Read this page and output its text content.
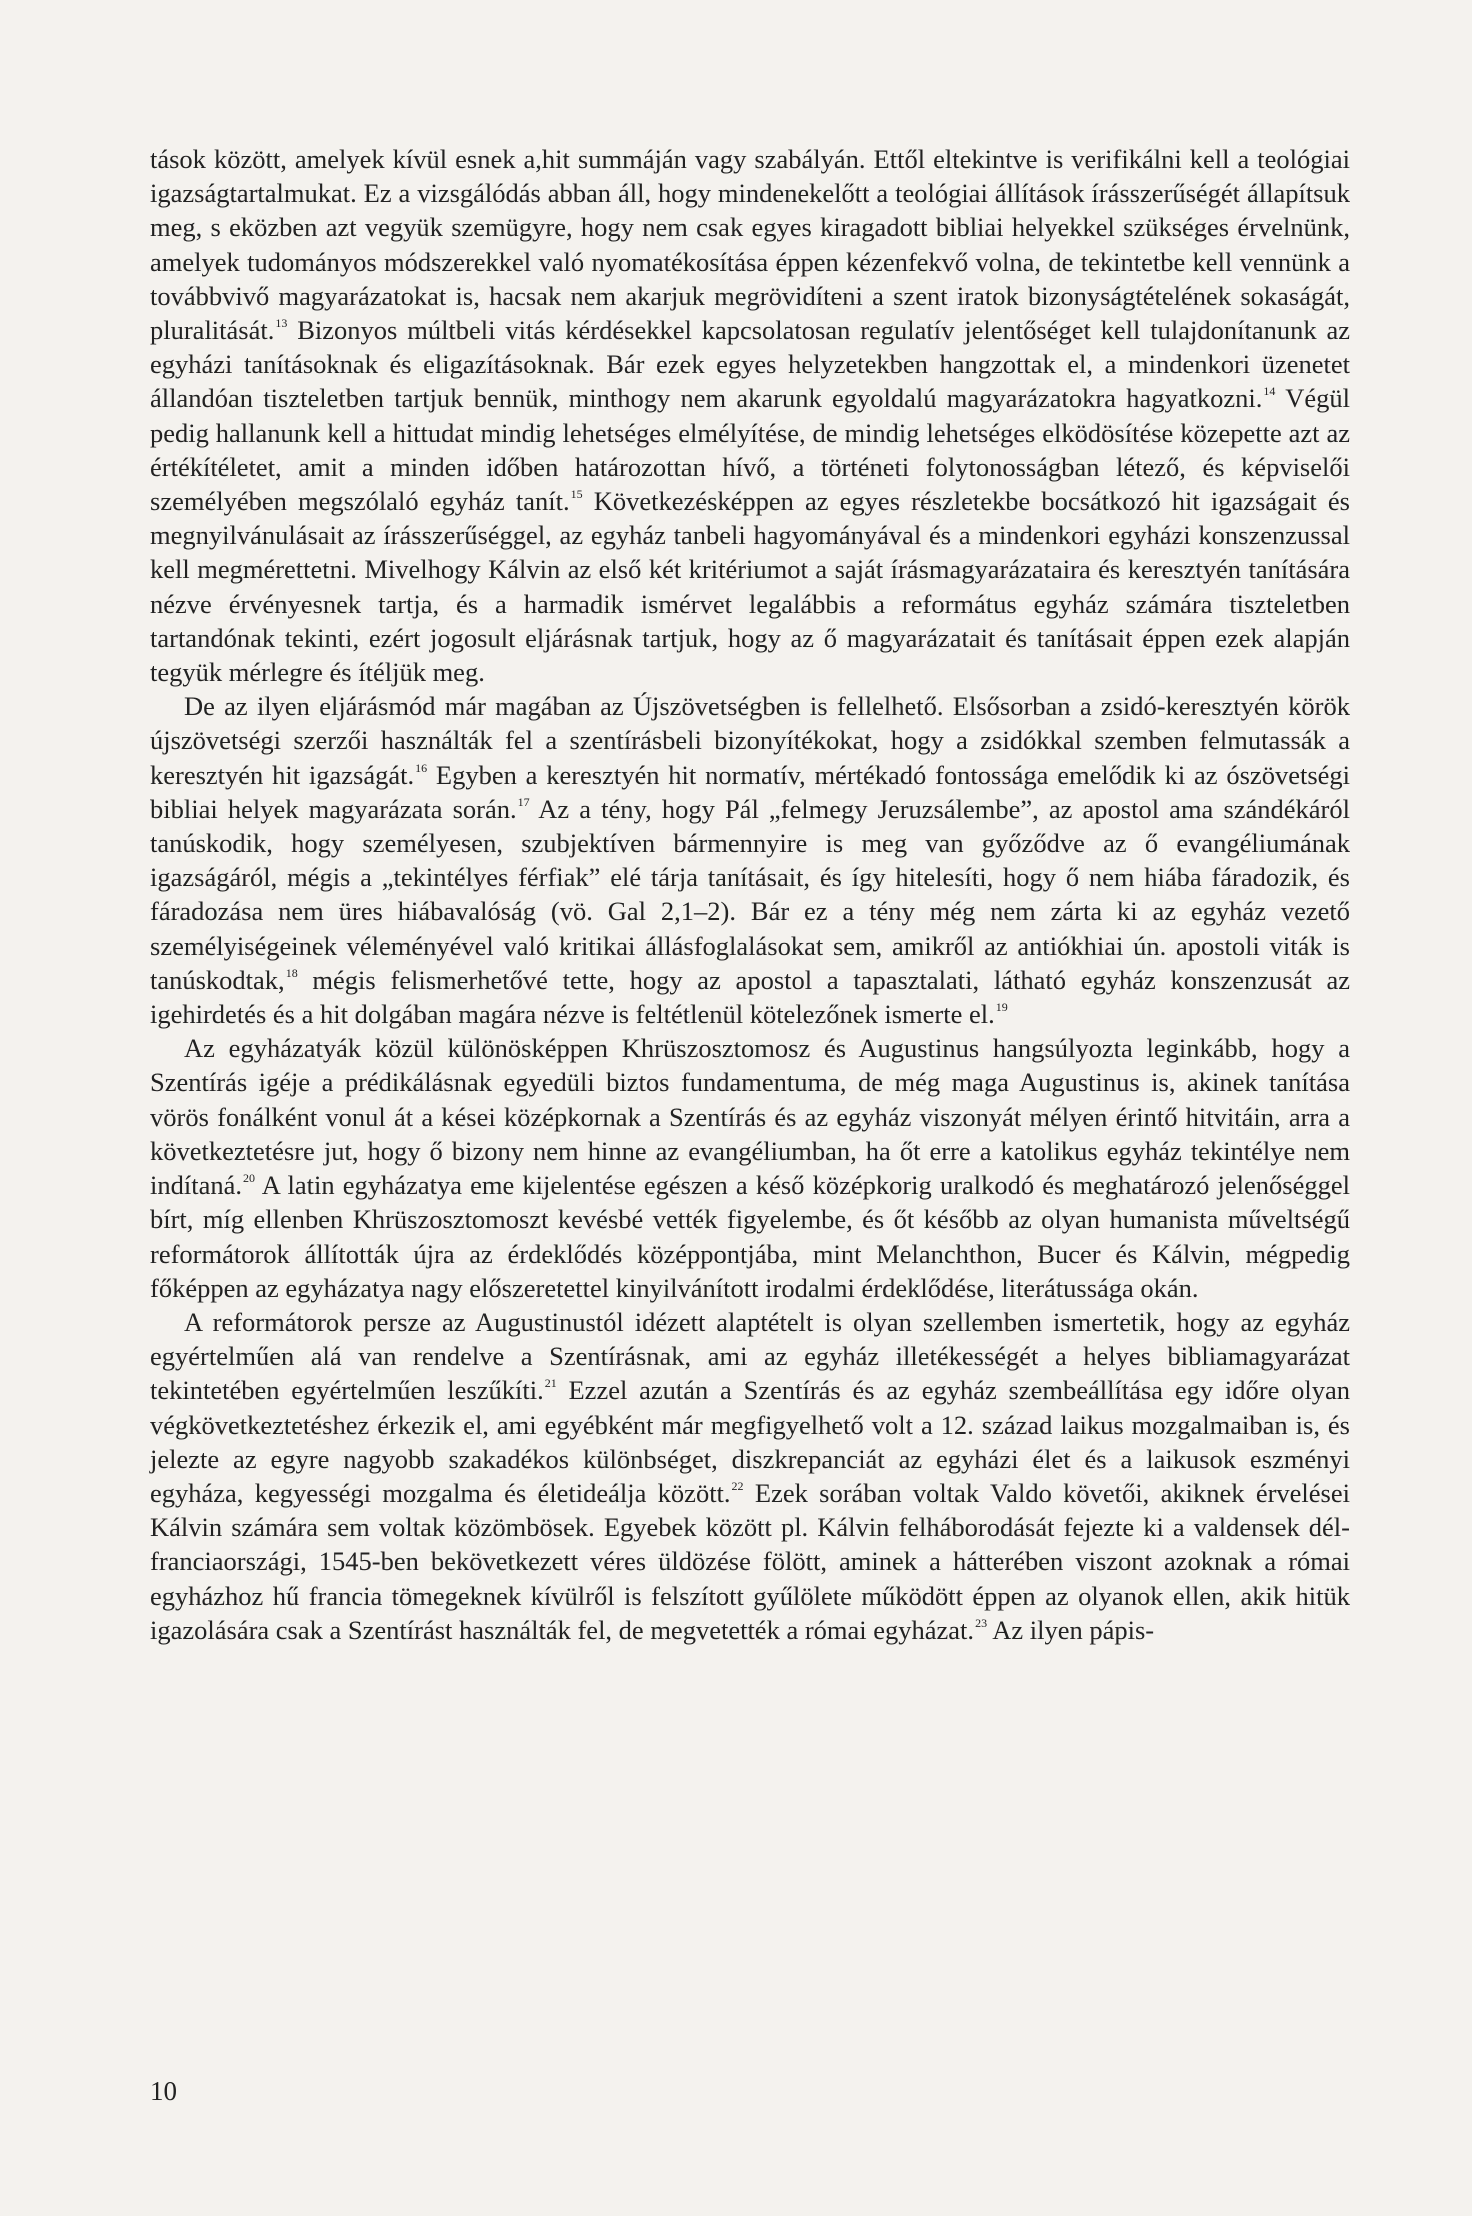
tások között, amelyek kívül esnek a,hit summáján vagy szabályán. Ettől eltekintve is verifikálni kell a teológiai igazságtartalmukat. Ez a vizsgálódás abban áll, hogy mindenekelőtt a teológiai állítások írásszerűségét állapítsuk meg, s eközben azt vegyük szemügyre, hogy nem csak egyes kiragadott bibliai helyekkel szükséges érvelnünk, amelyek tudományos módszerekkel való nyomatékosítása éppen kézenfekvő volna, de tekintetbe kell vennünk a továbbvivő magyarázatokat is, hacsak nem akarjuk megrövidíteni a szent iratok bizonyságtételének sokaságát, pluralitását.$^{13}$ Bizonyos múltbeli vitás kérdésekkel kapcsolatosan regulatív jelentőséget kell tulajdonítanunk az egyházi tanításoknak és eligazításoknak. Bár ezek egyes helyzetekben hangzottak el, a mindenkori üzenetet állandóan tiszteletben tartjuk bennük, minthogy nem akarunk egyoldalú magyarázatokra hagyatkozni.$^{14}$ Végül pedig hallanunk kell a hittudat mindig lehetséges elmélyítése, de mindig lehetséges elködösítése közepette azt az értékítéletet, amit a minden időben határozottan hívő, a történeti folytonosságban létező, és képviselői személyében megszólaló egyház tanít.$^{15}$ Következésképpen az egyes részletekbe bocsátkozó hit igazságait és megnyilvánulásait az írásszerűséggel, az egyház tanbeli hagyományával és a mindenkori egyházi konszenzussal kell megmérettetni. Mivelhogy Kálvin az első két kritériumot a saját írásmagyarázataira és keresztyén tanítására nézve érvényesnek tartja, és a harmadik ismérvet legalábbis a református egyház számára tiszteletben tartandónak tekinti, ezért jogosult eljárásnak tartjuk, hogy az ő magyarázatait és tanításait éppen ezek alapján tegyük mérlegre és ítéljük meg.

De az ilyen eljárásmód már magában az Újszövetségben is fellelhető. Elsősorban a zsidó-keresztyén körök újszövetségi szerzői használták fel a szentírásbeli bizonyítékokat, hogy a zsidókkal szemben felmutassák a keresztyén hit igazságát.$^{16}$ Egyben a keresztyén hit normatív, mértékadó fontossága emelődik ki az ószövetségi bibliai helyek magyarázata során.$^{17}$ Az a tény, hogy Pál „felmegy Jeruzsálembe”, az apostol ama szándékáról tanúskodik, hogy személyesen, szubjektíven bármennyire is meg van győződve az ő evangéliumának igazságáról, mégis a „tekintélyes férfiak” elé tárja tanításait, és így hitelesíti, hogy ő nem hiába fáradozik, és fáradozása nem üres hiábavalóság (vö. Gal 2,1–2). Bár ez a tény még nem zárta ki az egyház vezető személyiségeinek véleményével való kritikai állásfoglalásokat sem, amikről az antiókhiai ún. apostoli viták is tanúskodtak,$^{18}$ mégis felismerhetővé tette, hogy az apostol a tapasztalati, látható egyház konszenzusát az igehirdetés és a hit dolgában magára nézve is feltétlenül kötelezőnek ismerte el.$^{19}$

Az egyházatyák közül különösképpen Khrüszosztomosz és Augustinus hangsúlyozta leginkább, hogy a Szentírás igéje a prédikálásnak egyedüli biztos fundamentuma, de még maga Augustinus is, akinek tanítása vörös fonálként vonul át a kései középkornak a Szentírás és az egyház viszonyát mélyen érintő hitvitáin, arra a következtetésre jut, hogy ő bizony nem hinne az evangéliumban, ha őt erre a katolikus egyház tekintélye nem indítaná.$^{20}$ A latin egyházatya eme kijelentése egészen a késő középkorig uralkodó és meghatározó jelenőséggel bírt, míg ellenben Khrüszosztomoszt kevésbé vették figyelembe, és őt később az olyan humanista műveltségű reformátorok állították újra az érdeklődés középpontjába, mint Melanchthon, Bucer és Kálvin, mégpedig főképpen az egyházatya nagy előszeretettel kinyilvánított irodalmi érdeklődése, literátussága okán.

A reformátorok persze az Augustinustól idézett alaptételt is olyan szellemben ismertetik, hogy az egyház egyértelműen alá van rendelve a Szentírásnak, ami az egyház illetékességét a helyes bibliamagyarázat tekintetében egyértelműen leszűkíti.$^{21}$ Ezzel azután a Szentírás és az egyház szembeállítása egy időre olyan végkövetkeztetéshez érkezik el, ami egyébként már megfigyelhető volt a 12. század laikus mozgalmaiban is, és jelezte az egyre nagyobb szakadékos különbséget, diszkrepanciát az egyházi élet és a laikusok eszményi egyháza, kegyességi mozgalma és életideálja között.$^{22}$ Ezek sorában voltak Valdo követői, akiknek érvelései Kálvin számára sem voltak közömbösek. Egyebek között pl. Kálvin felháborodását fejezte ki a valdensek dél-franciaországi, 1545-ben bekövetkezett véres üldözése fölött, aminek a hátterében viszont azoknak a római egyházhoz hű francia tömegeknek kívülről is felszított gyűlölete működött éppen az olyanok ellen, akik hitük igazolására csak a Szentírást használták fel, de megvetették a római egyházat.$^{23}$ Az ilyen pápis-

10
